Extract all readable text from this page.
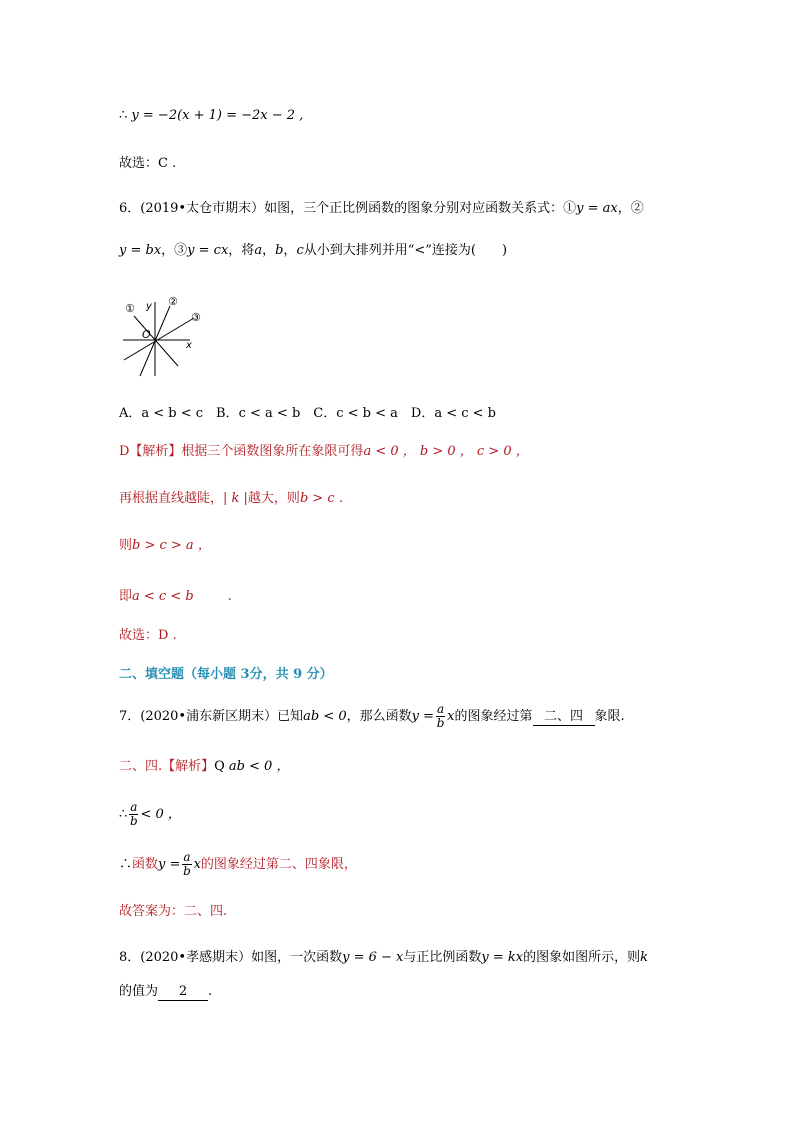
∴ y = −2(x + 1) = −2x − 2 ,
故选：C .
6．(2019•太仓市期末）如图，三个正比例函数的图象分别对应函数关系式：①y = ax，②
y = bx，③y = cx，将a，b，c从小到大排列并用“<”连接为(　　)
①
②
③
y
x
O
A．a < b < c　B．c < a < b　C．c < b < a　D．a < c < b
D【解析】根据三个函数图象所在象限可得a < 0 ， b > 0 ， c > 0 ，
再根据直线越陡，| k |越大，则b > c .
则b > c > a ，
即a < c < b	.
故选：D .
二、填空题（每小题 3分，共 9 分）
7．(2020•浦东新区期末）已知ab < 0，那么函数$y = \frac{a}{b}$ x的图象经过第 二、四 象限.
二、四.【解析】Q ab < 0 ，
∴ $\frac{a}{b} < 0$ ，
∴函数$y = \frac{a}{b}$ x的图象经过第二、四象限，
故答案为：二、四.
8．(2020•孝感期末）如图，一次函数y = 6 − x与正比例函数y = kx的图象如图所示，则k
的值为 2 .
